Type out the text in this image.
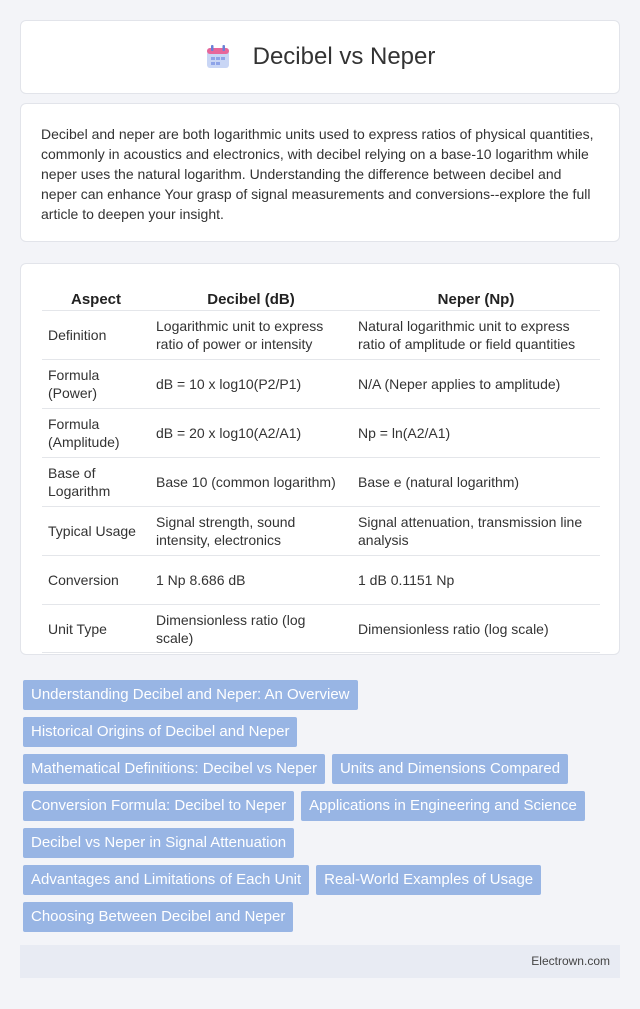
Decibel vs Neper

Decibel and neper are both logarithmic units used to express ratios of physical quantities, commonly in acoustics and electronics, with decibel relying on a base-10 logarithm while neper uses the natural logarithm. Understanding the difference between decibel and neper can enhance Your grasp of signal measurements and conversions--explore the full article to deepen your insight.

Aspect	Decibel (dB)	Neper (Np)
Definition	Logarithmic unit to express ratio of power or intensity	Natural logarithmic unit to express ratio of amplitude or field quantities
Formula (Power)	dB = 10 x log10(P2/P1)	N/A (Neper applies to amplitude)
Formula (Amplitude)	dB = 20 x log10(A2/A1)	Np = ln(A2/A1)
Base of Logarithm	Base 10 (common logarithm)	Base e (natural logarithm)
Typical Usage	Signal strength, sound intensity, electronics	Signal attenuation, transmission line analysis
Conversion	1 Np 8.686 dB	1 dB 0.1151 Np
Unit Type	Dimensionless ratio (log scale)	Dimensionless ratio (log scale)
Understanding Decibel and Neper: An Overview
Historical Origins of Decibel and Neper
Mathematical Definitions: Decibel vs Neper	Units and Dimensions Compared
Conversion Formula: Decibel to Neper	Applications in Engineering and Science
Decibel vs Neper in Signal Attenuation
Advantages and Limitations of Each Unit	Real-World Examples of Usage
Choosing Between Decibel and Neper
Electrown.com
